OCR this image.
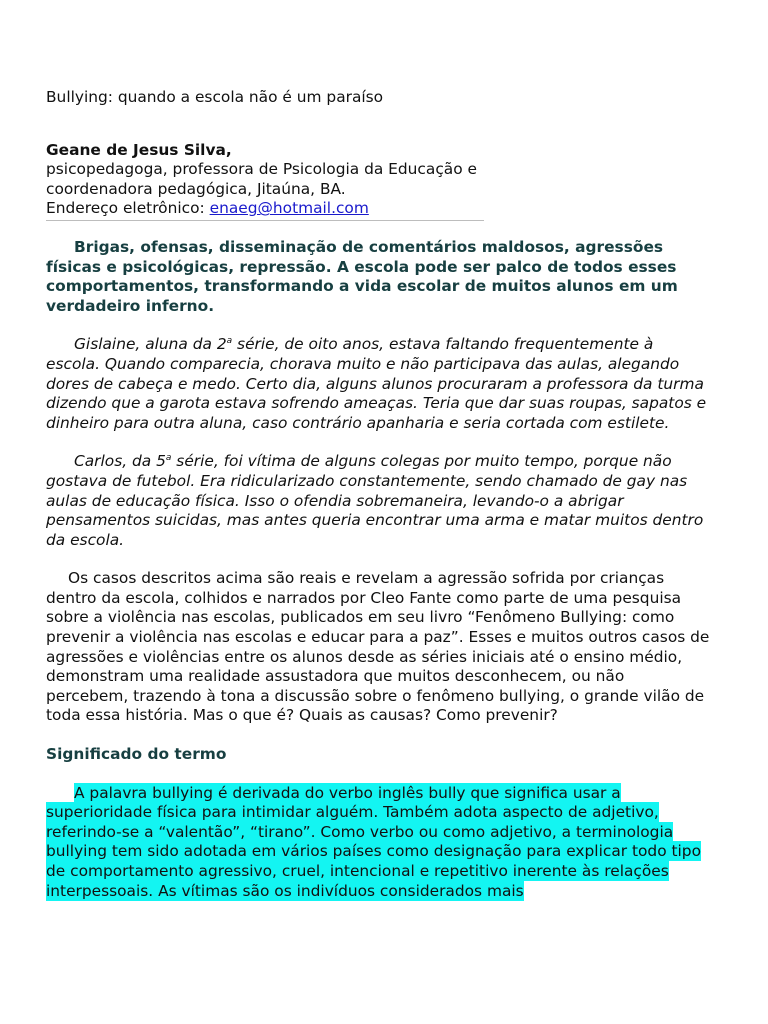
Bullying: quando a escola não é um paraíso

Geane de Jesus Silva,
psicopedagoga, professora de Psicologia da Educação e
coordenadora pedagógica, Jitaúna, BA.
Endereço eletrônico: enaeg@hotmail.com

Brigas, ofensas, disseminação de comentários maldosos, agressões físicas e psicológicas, repressão. A escola pode ser palco de todos esses comportamentos, transformando a vida escolar de muitos alunos em um verdadeiro inferno.

Gislaine, aluna da 2$^a$ série, de oito anos, estava faltando frequentemente à escola. Quando comparecia, chorava muito e não participava das aulas, alegando dores de cabeça e medo. Certo dia, alguns alunos procuraram a professora da turma dizendo que a garota estava sofrendo ameaças. Teria que dar suas roupas, sapatos e dinheiro para outra aluna, caso contrário apanharia e seria cortada com estilete.

Carlos, da 5$^a$ série, foi vítima de alguns colegas por muito tempo, porque não gostava de futebol. Era ridicularizado constantemente, sendo chamado de gay nas aulas de educação física. Isso o ofendia sobremaneira, levando-o a abrigar pensamentos suicidas, mas antes queria encontrar uma arma e matar muitos dentro da escola.

Os casos descritos acima são reais e revelam a agressão sofrida por crianças dentro da escola, colhidos e narrados por Cleo Fante como parte de uma pesquisa sobre a violência nas escolas, publicados em seu livro “Fenômeno Bullying: como prevenir a violência nas escolas e educar para a paz”. Esses e muitos outros casos de agressões e violências entre os alunos desde as séries iniciais até o ensino médio, demonstram uma realidade assustadora que muitos desconhecem, ou não percebem, trazendo à tona a discussão sobre o fenômeno bullying, o grande vilão de toda essa história. Mas o que é? Quais as causas? Como prevenir?

Significado do termo

A palavra bullying é derivada do verbo inglês bully que significa usar a superioridade física para intimidar alguém. Também adota aspecto de adjetivo, referindo-se a “valentão”, “tirano”. Como verbo ou como adjetivo, a terminologia bullying tem sido adotada em vários países como designação para explicar todo tipo de comportamento agressivo, cruel, intencional e repetitivo inerente às relações interpessoais. As vítimas são os indivíduos considerados mais
